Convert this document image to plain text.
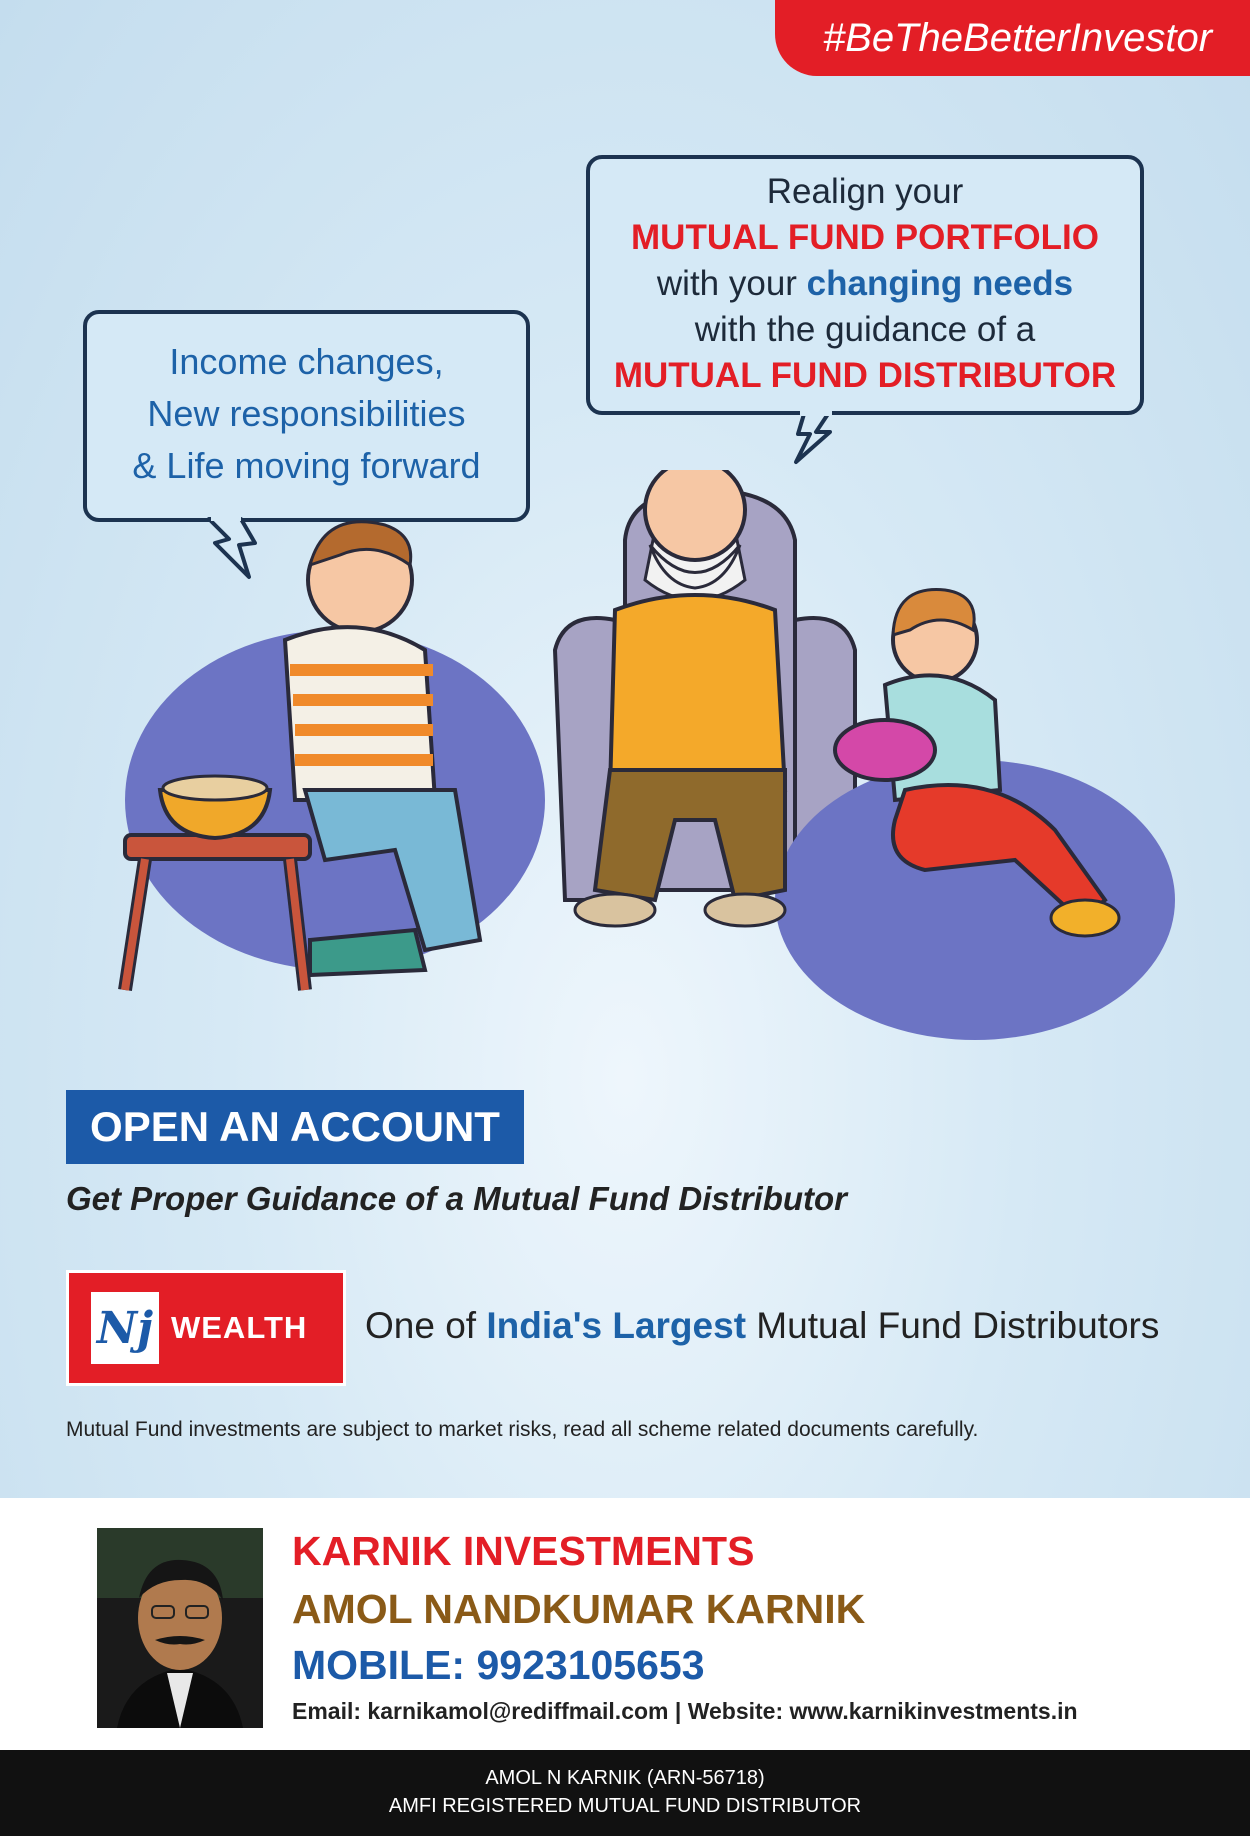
#BeTheBetterInvestor
Income changes,
New responsibilities
& Life moving forward
Realign your
MUTUAL FUND PORTFOLIO
with your changing needs
with the guidance of a
MUTUAL FUND DISTRIBUTOR
OPEN AN ACCOUNT
Get Proper Guidance of a Mutual Fund Distributor
Nj WEALTH One of India's Largest Mutual Fund Distributors
Mutual Fund investments are subject to market risks, read all scheme related documents carefully.
KARNIK INVESTMENTS
AMOL NANDKUMAR KARNIK
MOBILE: 9923105653
Email: karnikamol@rediffmail.com | Website: www.karnikinvestments.in
AMOL N KARNIK (ARN-56718)
AMFI REGISTERED MUTUAL FUND DISTRIBUTOR
